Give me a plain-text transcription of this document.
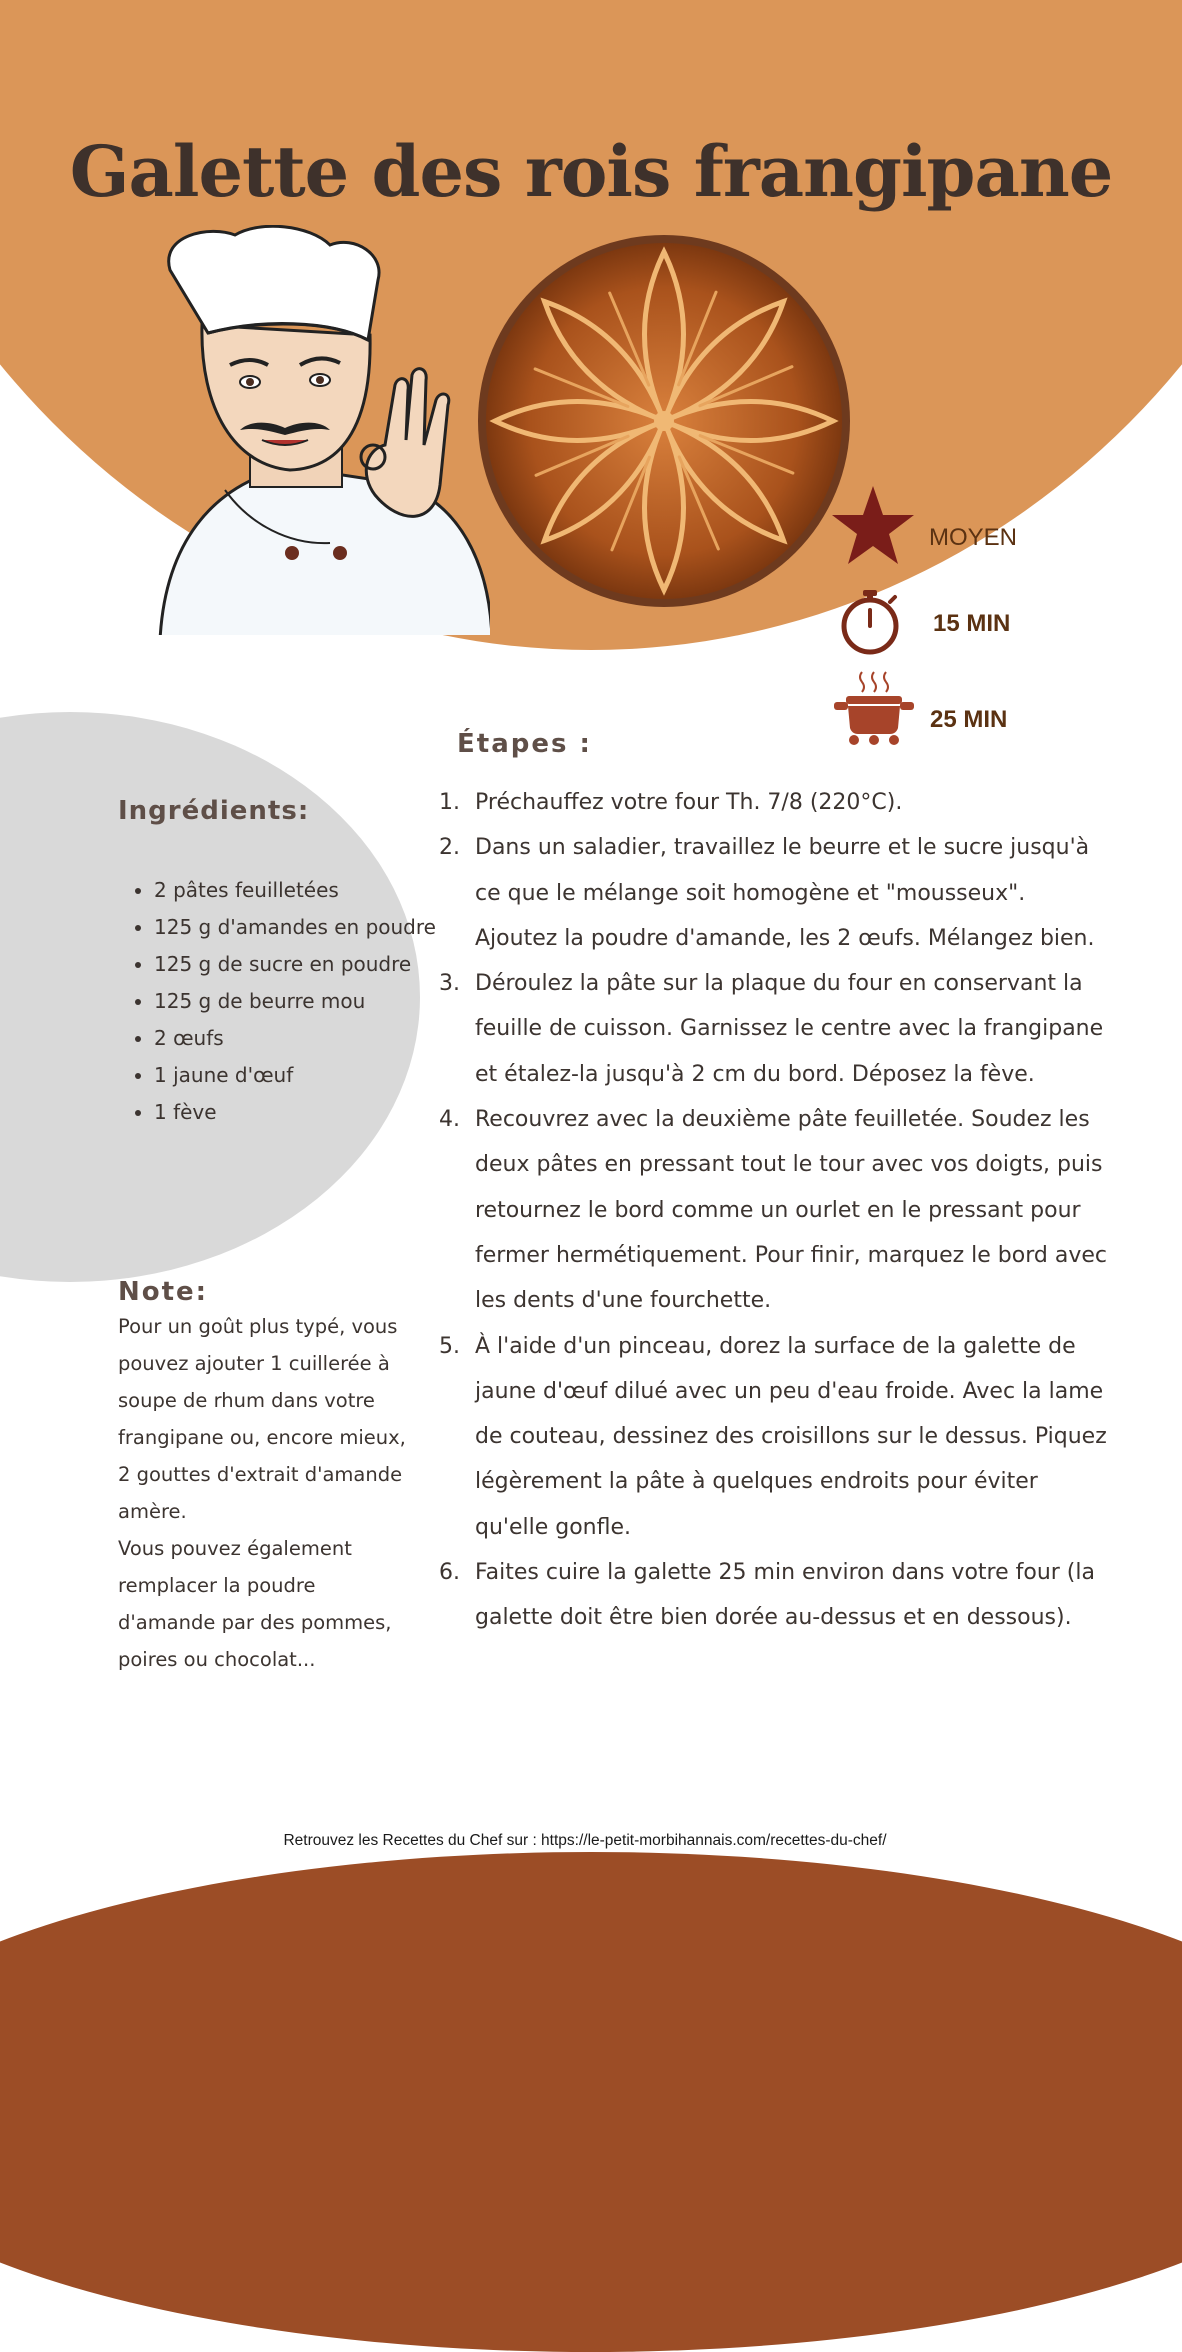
Galette des rois frangipane
MOYEN
15 MIN
25 MIN
Ingrédients:
• 2 pâtes feuilletées
• 125 g d'amandes en poudre
• 125 g de sucre en poudre
• 125 g de beurre mou
• 2 œufs
• 1 jaune d'œuf
• 1 fève
Note:

Pour un goût plus typé, vous pouvez ajouter 1 cuillerée à soupe de rhum dans votre frangipane ou, encore mieux, 2 gouttes d'extrait d'amande amère.
Vous pouvez également remplacer la poudre d'amande par des pommes, poires ou chocolat...

Étapes :
1. Préchauffez votre four Th. 7/8 (220°C).
2. Dans un saladier, travaillez le beurre et le sucre jusqu'à ce que le mélange soit homogène et "mousseux". Ajoutez la poudre d'amande, les 2 œufs. Mélangez bien.
3. Déroulez la pâte sur la plaque du four en conservant la feuille de cuisson. Garnissez le centre avec la frangipane et étalez-la jusqu'à 2 cm du bord. Déposez la fève.
4. Recouvrez avec la deuxième pâte feuilletée. Soudez les deux pâtes en pressant tout le tour avec vos doigts, puis retournez le bord comme un ourlet en le pressant pour fermer hermétiquement. Pour finir, marquez le bord avec les dents d'une fourchette.
5. À l'aide d'un pinceau, dorez la surface de la galette de jaune d'œuf dilué avec un peu d'eau froide. Avec la lame de couteau, dessinez des croisillons sur le dessus. Piquez légèrement la pâte à quelques endroits pour éviter qu'elle gonfle.
6. Faites cuire la galette 25 min environ dans votre four (la galette doit être bien dorée au-dessus et en dessous).
Retrouvez les Recettes du Chef sur : https://le-petit-morbihannais.com/recettes-du-chef/
